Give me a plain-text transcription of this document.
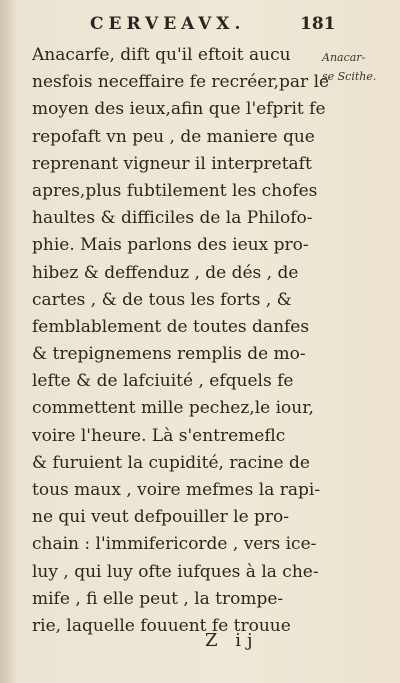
CERVEAVX.	181
Anacar-
se Scithe.
Anacarfe, dift qu'il eftoit aucu
nesfois neceffaire fe recréer,par le
moyen des ieux,afin que l'efprit fe
repofaft vn peu , de maniere que
reprenant vigneur il interpretaft
apres,plus fubtilement les chofes
haultes & difficiles de la Philofo-
phie. Mais parlons des ieux pro-
hibez & deffenduz , de dés , de
cartes , & de tous les forts , &
femblablement de toutes danfes
& trepignemens remplis de mo-
lefte & de lafciuité , efquels fe
commettent mille pechez,le iour,
voire l'heure. Là s'entremeflc
& furuient la cupidité, racine de
tous maux , voire mefmes la rapi-
ne qui veut defpouiller le pro-
chain : l'immifericorde , vers ice-
luy , qui luy ofte iufques à la che-
mife , fi elle peut , la trompe-
rie, laquelle fouuent fe trouue
Z ij
